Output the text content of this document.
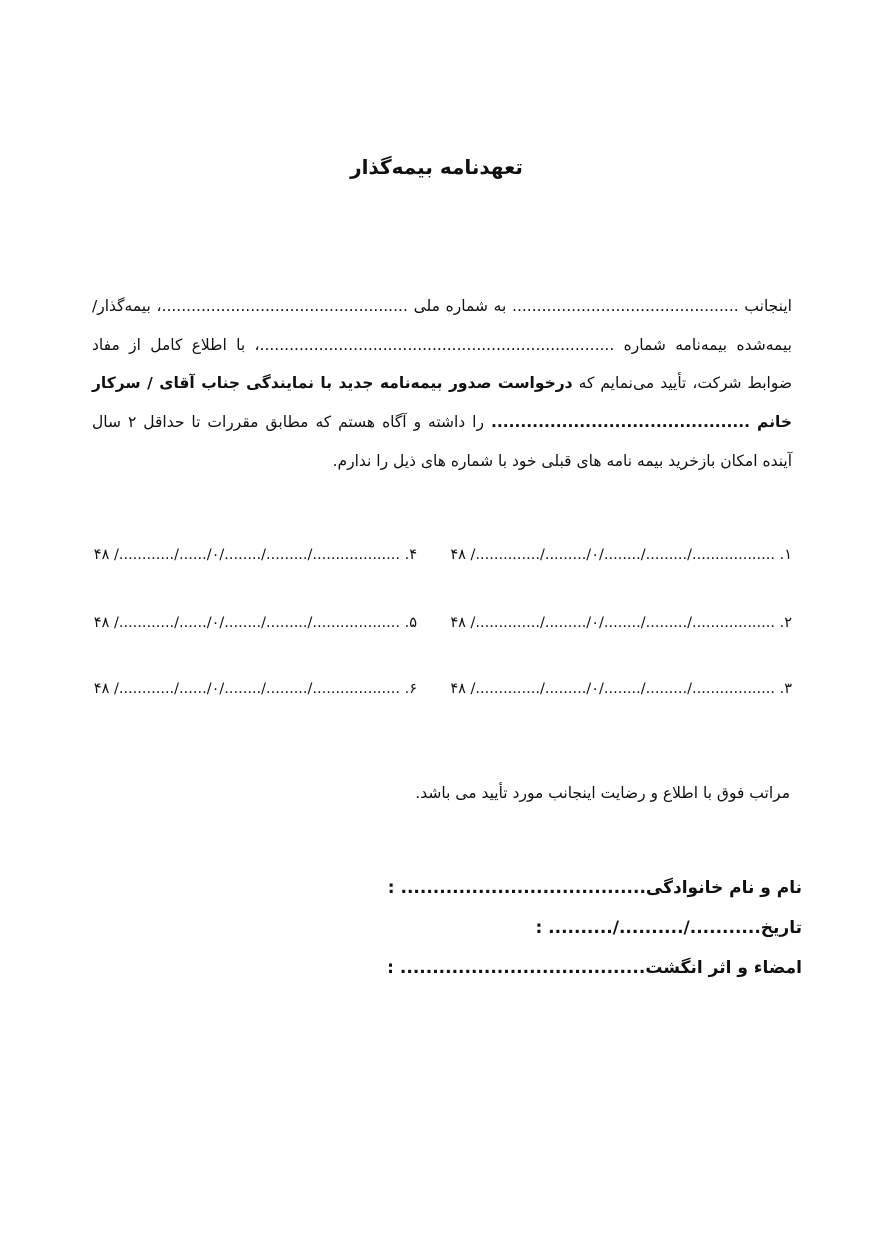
تعهدنامه بیمه‌گذار
اینجانب .............................................. به شماره ملی ..................................................، بیمه‌گذار/بیمه‌شده بیمه‌نامه شماره ........................................................................، با اطلاع کامل از مفاد ضوابط شرکت، تأیید می‌نمایم که درخواست صدور بیمه‌نامه جدید با نمایندگی جناب آقای / سرکار خانم ............................................ را داشته و آگاه هستم که مطابق مقررات تا حداقل ۲ سال آینده امکان بازخرید بیمه نامه های قبلی خود با شماره های ذیل را ندارم.
۱. ................../........./......../۰/........./............../ ۴۸
۴. .................../........./......../۰/....../............/ ۴۸
۲. ................../........./......../۰/........./............../ ۴۸
۵. .................../........./......../۰/....../............/ ۴۸
۳. ................../........./......../۰/........./............../ ۴۸
۶. .................../........./......../۰/....../............/ ۴۸
مراتب فوق با اطلاع و رضایت اینجانب مورد تأیید می باشد.
نام و نام خانوادگی...................................... :
تاریخ.........../........../.......... :
امضاء و اثر انگشت...................................... :
